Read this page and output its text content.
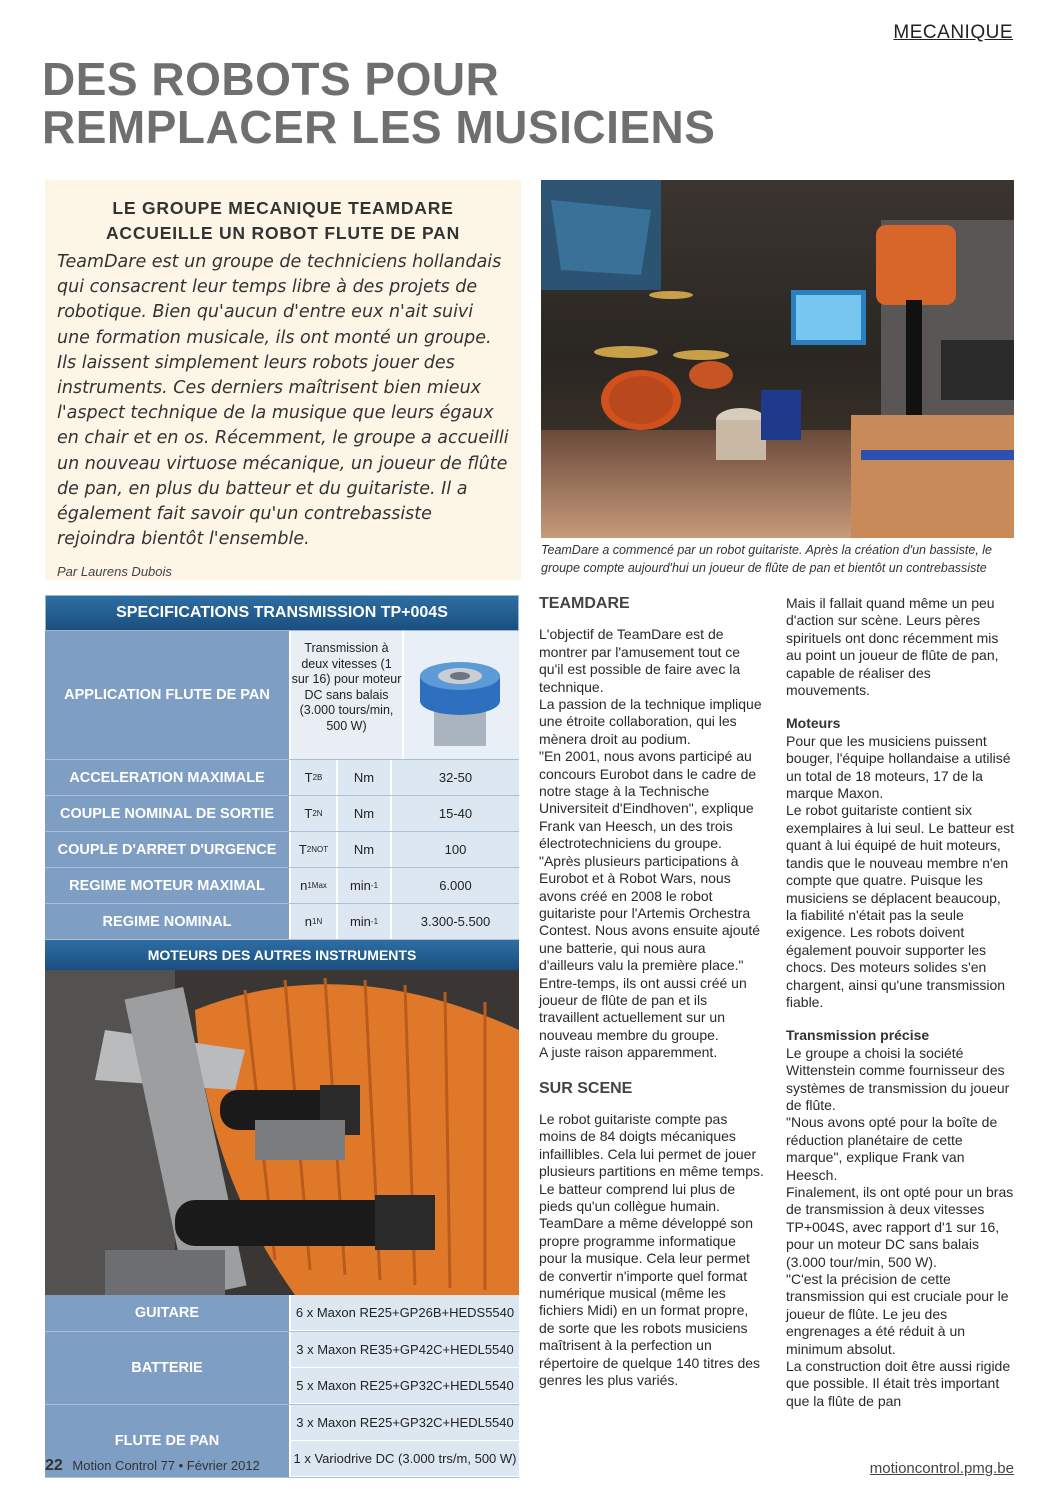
MECANIQUE
DES ROBOTS POUR REMPLACER LES MUSICIENS
LE GROUPE MECANIQUE TEAMDARE ACCUEILLE UN ROBOT FLUTE DE PAN
TeamDare est un groupe de techniciens hollandais qui consacrent leur temps libre à des projets de robotique. Bien qu'aucun d'entre eux n'ait suivi une formation musicale, ils ont monté un groupe. Ils laissent simplement leurs robots jouer des instruments. Ces derniers maîtrisent bien mieux l'aspect technique de la musique que leurs égaux en chair et en os. Récemment, le groupe a accueilli un nouveau virtuose mécanique, un joueur de flûte de pan, en plus du batteur et du guitariste. Il a également fait savoir qu'un contrebassiste rejoindra bientôt l'ensemble.
Par Laurens Dubois
TeamDare a commencé par un robot guitariste. Après la création d'un bassiste, le groupe compte aujourd'hui un joueur de flûte de pan et bientôt un contrebassiste
SPECIFICATIONS TRANSMISSION TP+004S
APPLICATION FLUTE DE PAN
Transmission à deux vitesses (1 sur 16) pour moteur DC sans balais (3.000 tours/min, 500 W)
ACCELERATION MAXIMALE	T 2B Nm	32-50
COUPLE NOMINAL DE SORTIE	T 2N Nm	15-40
COUPLE D'ARRET D'URGENCE	T 2NOT Nm	100
REGIME MOTEUR MAXIMAL	n 1Max min -1	6.000
REGIME NOMINAL	n 1N min -1	3.300-5.500
MOTEURS DES AUTRES INSTRUMENTS
GUITARE	6 x Maxon RE25+GP26B+HEDS5540
BATTERIE
3 x Maxon RE35+GP42C+HEDL5540
5 x Maxon RE25+GP32C+HEDL5540
FLUTE DE PAN
3 x Maxon RE25+GP32C+HEDL5540
1 x Variodrive DC (3.000 trs/m, 500 W)
TEAMDARE

L'objectif de TeamDare est de montrer par l'amusement tout ce qu'il est possible de faire avec la technique.

La passion de la technique implique une étroite collaboration, qui les mènera droit au podium.

"En 2001, nous avons participé au concours Eurobot dans le cadre de notre stage à la Technische Universiteit d'Eindhoven", explique Frank van Heesch, un des trois électrotechniciens du groupe.

"Après plusieurs participations à Eurobot et à Robot Wars, nous avons créé en 2008 le robot guitariste pour l'Artemis Orchestra Contest. Nous avons ensuite ajouté une batterie, qui nous aura d'ailleurs valu la première place." Entre-temps, ils ont aussi créé un joueur de flûte de pan et ils travaillent actuellement sur un nouveau membre du groupe.

A juste raison apparemment.

SUR SCENE

Le robot guitariste compte pas moins de 84 doigts mécaniques infaillibles. Cela lui permet de jouer plusieurs partitions en même temps. Le batteur comprend lui plus de pieds qu'un collègue humain.

TeamDare a même développé son propre programme informatique pour la musique. Cela leur permet de convertir n'importe quel format numérique musical (même les fichiers Midi) en un format propre, de sorte que les robots musiciens maîtrisent à la perfection un répertoire de quelque 140 titres des genres les plus variés.

Mais il fallait quand même un peu d'action sur scène. Leurs pères spirituels ont donc récemment mis au point un joueur de flûte de pan, capable de réaliser des mouvements.

Moteurs

Pour que les musiciens puissent bouger, l'équipe hollandaise a utilisé un total de 18 moteurs, 17 de la marque Maxon.

Le robot guitariste contient six exemplaires à lui seul. Le batteur est quant à lui équipé de huit moteurs, tandis que le nouveau membre n'en compte que quatre. Puisque les musiciens se déplacent beaucoup, la fiabilité n'était pas la seule exigence. Les robots doivent également pouvoir supporter les chocs. Des moteurs solides s'en chargent, ainsi qu'une transmission fiable.

Transmission précise

Le groupe a choisi la société Wittenstein comme fournisseur des systèmes de transmission du joueur de flûte.

"Nous avons opté pour la boîte de réduction planétaire de cette marque", explique Frank van Heesch.

Finalement, ils ont opté pour un bras de transmission à deux vitesses TP+004S, avec rapport d'1 sur 16, pour un moteur DC sans balais (3.000 tour/min, 500 W).

"C'est la précision de cette transmission qui est cruciale pour le joueur de flûte. Le jeu des engrenages a été réduit à un minimum absolut.

La construction doit être aussi rigide que possible. Il était très important que la flûte de pan

22 Motion Control 77 • Février 2012	motioncontrol.pmg.be
